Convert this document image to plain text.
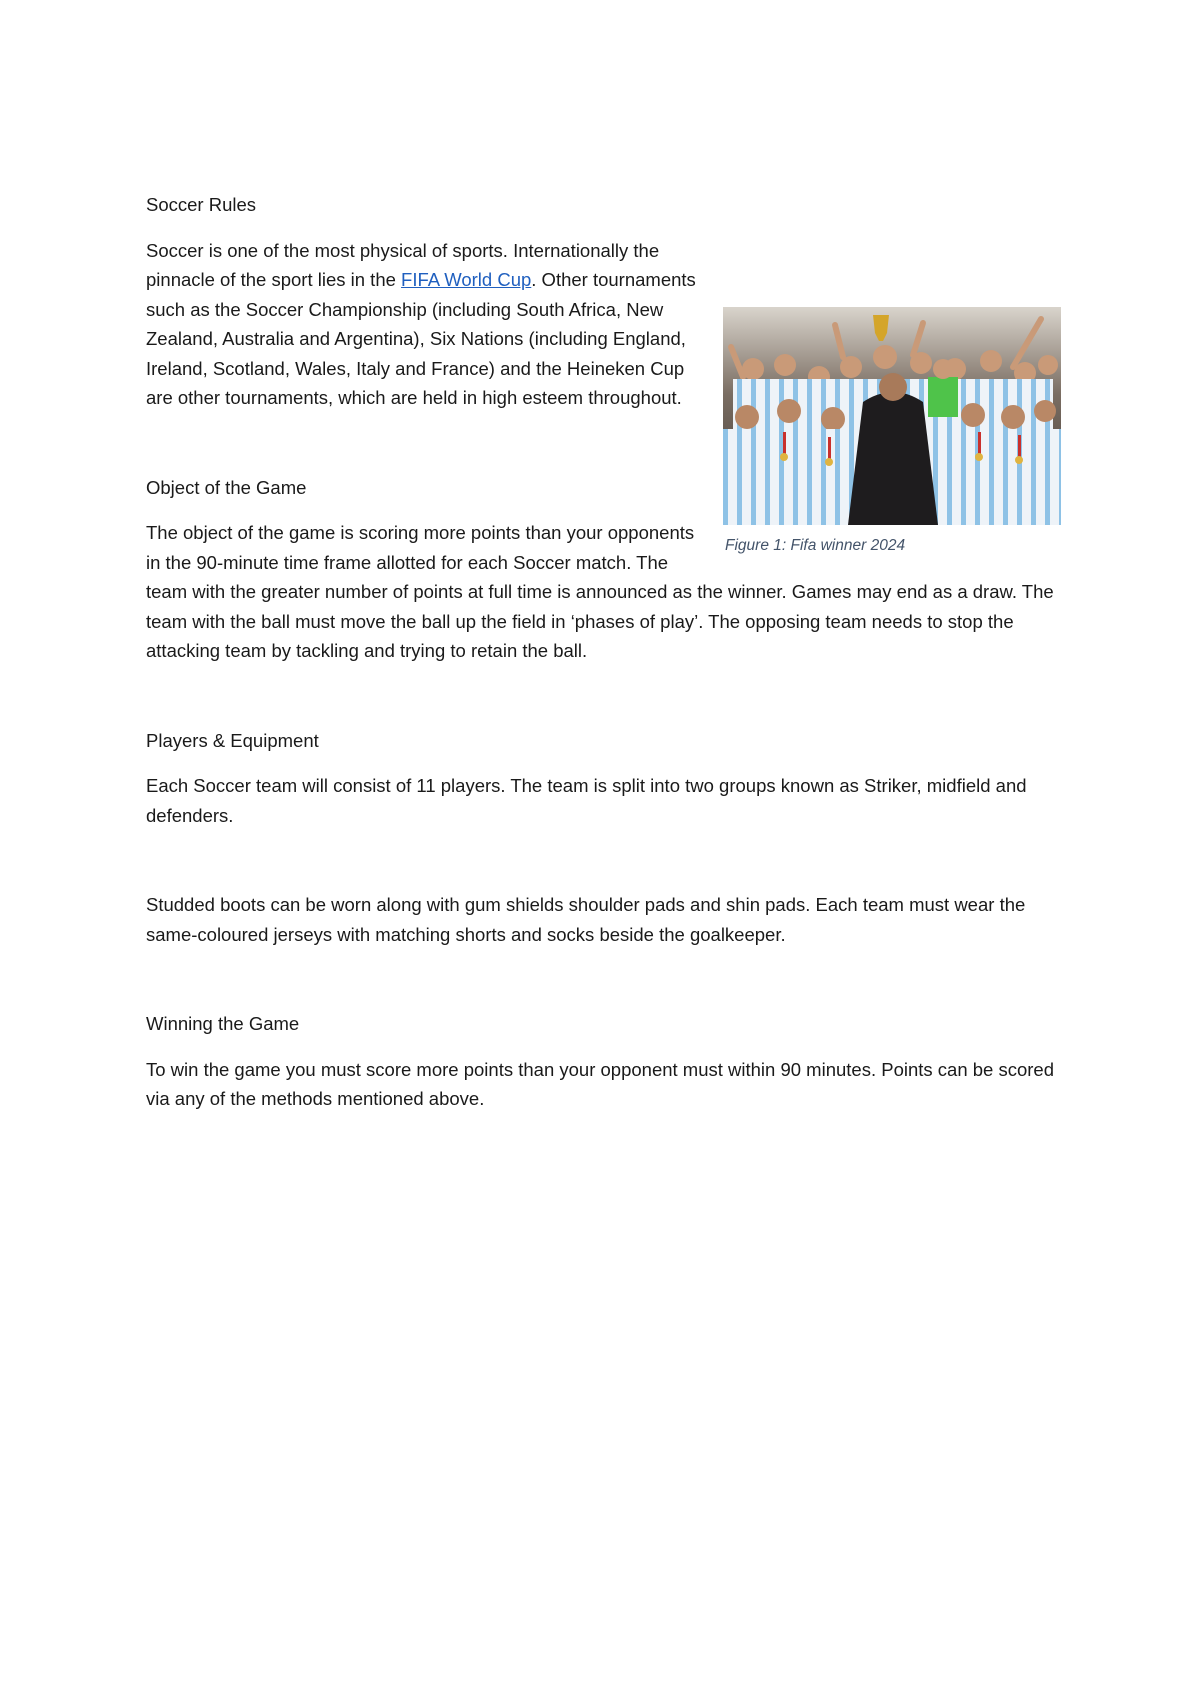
Soccer Rules

Figure 1: Fifa winner 2024

Soccer is one of the most physical of sports. Internationally the pinnacle of the sport lies in the FIFA World Cup. Other tournaments such as the Soccer Championship (including South Africa, New Zealand, Australia and Argentina), Six Nations (including England, Ireland, Scotland, Wales, Italy and France) and the Heineken Cup are other tournaments, which are held in high esteem throughout.

Object of the Game

The object of the game is scoring more points than your opponents in the 90-minute time frame allotted for each Soccer match. The team with the greater number of points at full time is announced as the winner. Games may end as a draw. The team with the ball must move the ball up the field in ‘phases of play’. The opposing team needs to stop the attacking team by tackling and trying to retain the ball.

Players & Equipment

Each Soccer team will consist of 11 players. The team is split into two groups known as Striker, midfield and defenders.

Studded boots can be worn along with gum shields shoulder pads and shin pads. Each team must wear the same-coloured jerseys with matching shorts and socks beside the goalkeeper.

Winning the Game

To win the game you must score more points than your opponent must within 90 minutes. Points can be scored via any of the methods mentioned above.
